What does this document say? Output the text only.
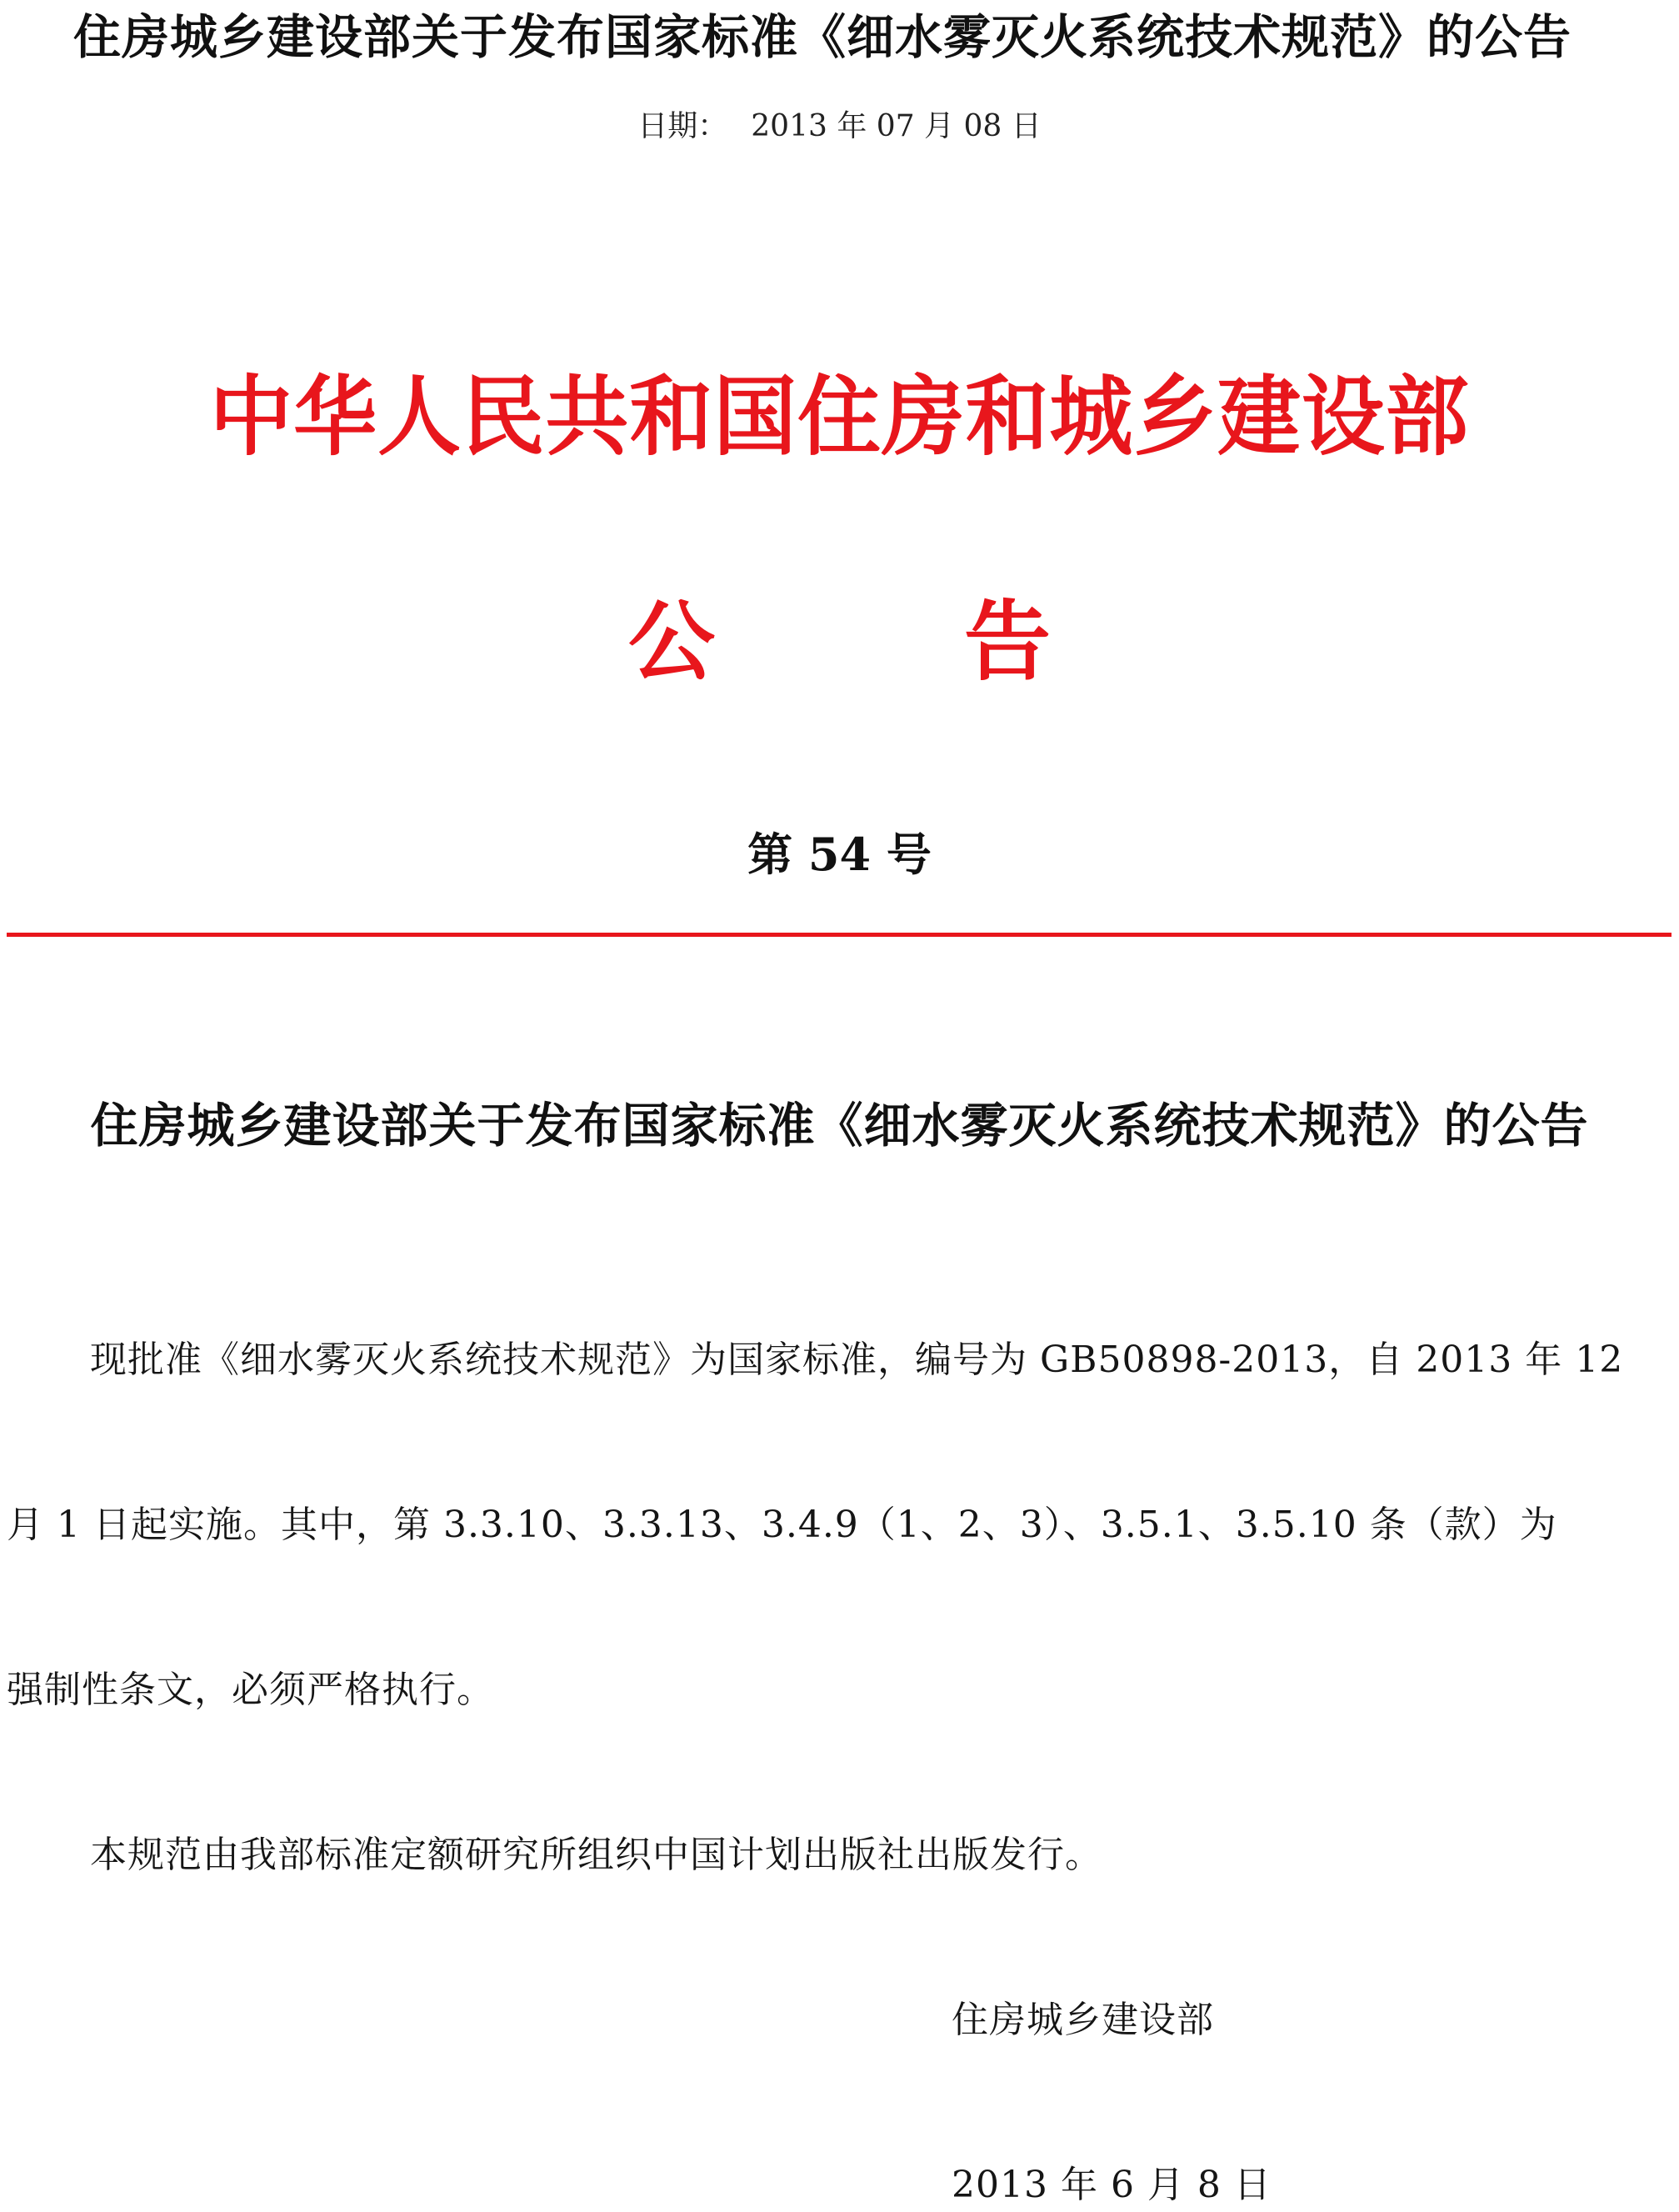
住房城乡建设部关于发布国家标准《细水雾灭火系统技术规范》的公告
日期： 2013 年 07 月 08 日
中华人民共和国住房和城乡建设部
公	告
第 54 号
住房城乡建设部关于发布国家标准《细水雾灭火系统技术规范》的公告
现批准《细水雾灭火系统技术规范》为国家标准，编号为 GB50898-2013，自 2013 年 12
月 1 日起实施。其中，第 3.3.10、3.3.13、3.4.9（1、2、3）、3.5.1、3.5.10 条（款）为
强制性条文，必须严格执行。
本规范由我部标准定额研究所组织中国计划出版社出版发行。
住房城乡建设部
2013 年 6 月 8 日
